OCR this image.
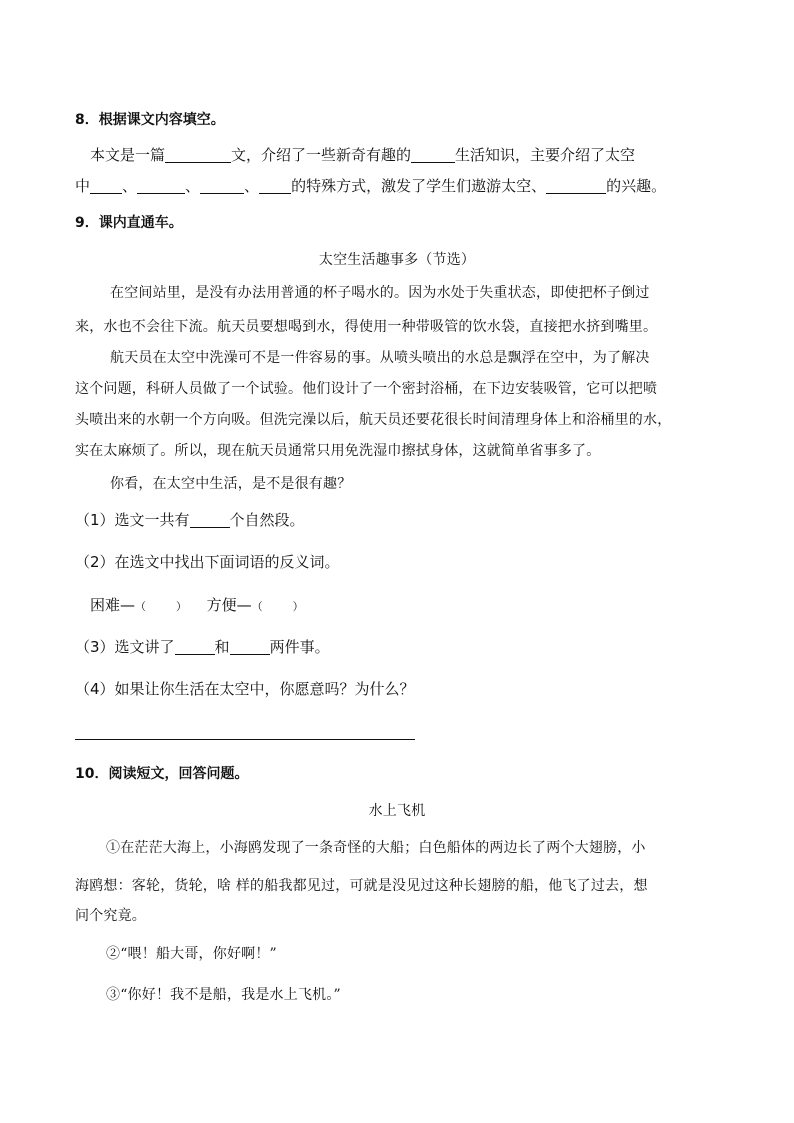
8．根据课文内容填空。
本文是一篇	文，介绍了一些新奇有趣的	生活知识，主要介绍了太空
中 、	、	、 的特殊方式，激发了学生们遨游太空、	的兴趣。
9．课内直通车。
太空生活趣事多（节选）
在空间站里，是没有办法用普通的杯子喝水的。因为水处于失重状态，即使把杯子倒过
来，水也不会往下流。航天员要想喝到水，得使用一种带吸管的饮水袋，直接把水挤到嘴里。
航天员在太空中洗澡可不是一件容易的事。从喷头喷出的水总是飘浮在空中，为了解决
这个问题，科研人员做了一个试验。他们设计了一个密封浴桶，在下边安装吸管，它可以把喷
头喷出来的水朝一个方向吸。但洗完澡以后，航天员还要花很长时间清理身体上和浴桶里的水，
实在太麻烦了。所以，现在航天员通常只用免洗湿巾擦拭身体，这就简单省事多了。
你看，在太空中生活，是不是很有趣？
（1）选文一共有	个自然段。
（2）在选文中找出下面词语的反义词。
困难—（	） 方便—（	）
（3）选文讲了	和	两件事。
（4）如果让你生活在太空中，你愿意吗？为什么？
10．阅读短文，回答问题。
水上飞机
①在茫茫大海上，小海鸥发现了一条奇怪的大船；白色船体的两边长了两个大翅膀，小
海鸥想：客轮，货轮，啥 样的船我都见过，可就是没见过这种长翅膀的船，他飞了过去，想
问个究竟。
②“喂！船大哥，你好啊！”
③“你好！我不是船，我是水上飞机。”
